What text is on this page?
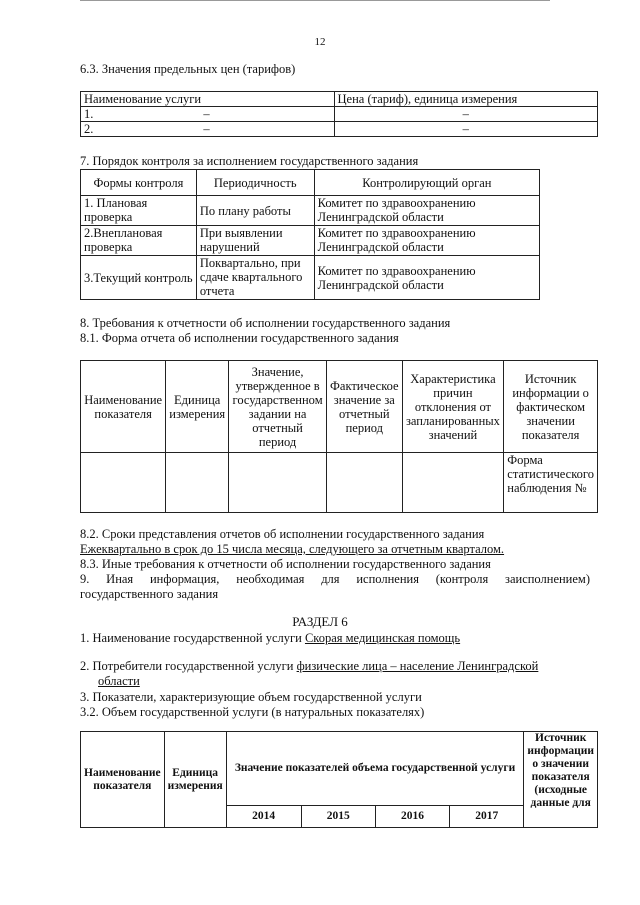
12
6.3. Значения предельных цен (тарифов)
Наименование услуги	Цена (тариф), единица измерения
1. –	–
2. –	–
7. Порядок контроля за исполнением государственного задания
Формы контроля	Периодичность	Контролирующий орган
1. Плановая проверка	По плану работы	Комитет по здравоохранению Ленинградской области
2.Внеплановая проверка	При выявлении нарушений	Комитет по здравоохранению Ленинградской области
3.Текущий контроль	Поквартально, при сдаче квартального отчета	Комитет по здравоохранению Ленинградской области
8. Требования к отчетности об исполнении государственного задания
8.1. Форма отчета об исполнении государственного задания
Наименование показателя	Единица измерения	Значение, утвержденное в государственном задании на отчетный период	Фактическое значение за отчетный период	Характеристика причин отклонения от запланированных значений	Источник информации о фактическом значении показателя
					Форма статистического наблюдения №
8.2. Сроки представления отчетов об исполнении государственного задания
Ежеквартально в срок до 15 числа месяца, следующего за отчетным кварталом.
8.3. Иные требования к отчетности об исполнении государственного задания
9. Иная информация, необходимая для исполнения (контроля заисполнением)
государственного задания
РАЗДЕЛ 6
1. Наименование государственной услуги Скорая медицинская помощь
2. Потребители государственной услуги физические лица – население Ленинградской
области
3. Показатели, характеризующие объем государственной услуги
3.2. Объем государственной услуги (в натуральных показателях)
Наименование показателя	Единица измерения	Значение показателей объема государственной услуги				Источник информации о значении показателя (исходные данные для
		2014	2015	2016	2017	
